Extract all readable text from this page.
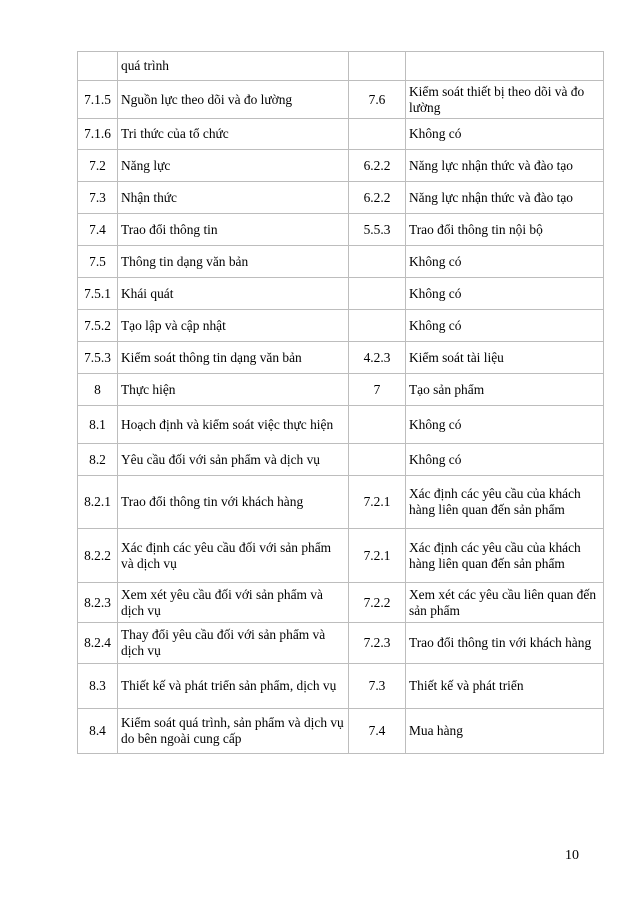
	quá trình		
7.1.5	Nguồn lực theo dõi và đo lường	7.6	Kiểm soát thiết bị theo dõi và đo lường
7.1.6	Tri thức của tổ chức		Không có
7.2	Năng lực	6.2.2	Năng lực nhận thức và đào tạo
7.3	Nhận thức	6.2.2	Năng lực nhận thức và đào tạo
7.4	Trao đổi thông tin	5.5.3	Trao đổi thông tin nội bộ
7.5	Thông tin dạng văn bản		Không có
7.5.1	Khái quát		Không có
7.5.2	Tạo lập và cập nhật		Không có
7.5.3	Kiểm soát thông tin dạng văn bản	4.2.3	Kiểm soát tài liệu
8	Thực hiện	7	Tạo sản phẩm
8.1	Hoạch định và kiểm soát việc thực hiện		Không có
8.2	Yêu cầu đối với sản phẩm và dịch vụ		Không có
8.2.1	Trao đổi thông tin với khách hàng	7.2.1	Xác định các yêu cầu của khách hàng liên quan đến sản phẩm
8.2.2	Xác định các yêu cầu đối với sản phẩm và dịch vụ	7.2.1	Xác định các yêu cầu của khách hàng liên quan đến sản phẩm
8.2.3	Xem xét yêu cầu đối với sản phẩm và dịch vụ	7.2.2	Xem xét các yêu cầu liên quan đến sản phẩm
8.2.4	Thay đổi yêu cầu đối với sản phẩm và dịch vụ	7.2.3	Trao đổi thông tin với khách hàng
8.3	Thiết kế và phát triển sản phẩm, dịch vụ	7.3	Thiết kế và phát triển
8.4	Kiểm soát quá trình, sản phẩm và dịch vụ do bên ngoài cung cấp	7.4	Mua hàng
10
